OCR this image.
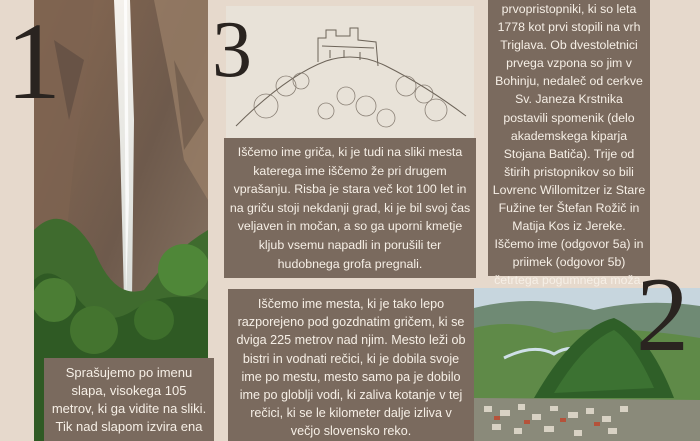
1 3

Iščemo ime griča, ki je tudi na sliki mesta katerega ime iščemo že pri drugem vprašanju. Risba je stara več kot 100 let in na griču stoji nekdanji grad, ki je bil svoj čas veljaven in močan, a so ga uporni kmetje kljub vsemu napadli in porušili ter hudobnega grofa pregnali.

prvopristopniki, ki so leta 1778 kot prvi stopili na vrh Triglava. Ob dvestoletnici prvega vzpona so jim v Bohinju, nedaleč od cerkve Sv. Janeza Krstnika postavili spomenik (delo akademskega kiparja Stojana Batiča). Trije od štirih pristopnikov so bili Lovrenc Willomitzer iz Stare Fužine ter Štefan Rožič in Matija Kos iz Jereke. Iščemo ime (odgovor 5a) in priimek (odgovor 5b) četrtega pogumnega moža,

Iščemo ime mesta, ki je tako lepo razporejeno pod gozdnatim gričem, ki se dviga 225 metrov nad njim. Mesto leži ob bistri in vodnati rečici, ki je dobila svoje ime po mestu, mesto samo pa je dobilo ime po globlji vodi, ki zaliva kotanje v tej rečici, ki se le kilometer dalje izliva v večjo slovensko reko.

2

Sprašujemo po imenu slapa, visokega 105 metrov, ki ga vidite na sliki. Tik nad slapom izvira ena
